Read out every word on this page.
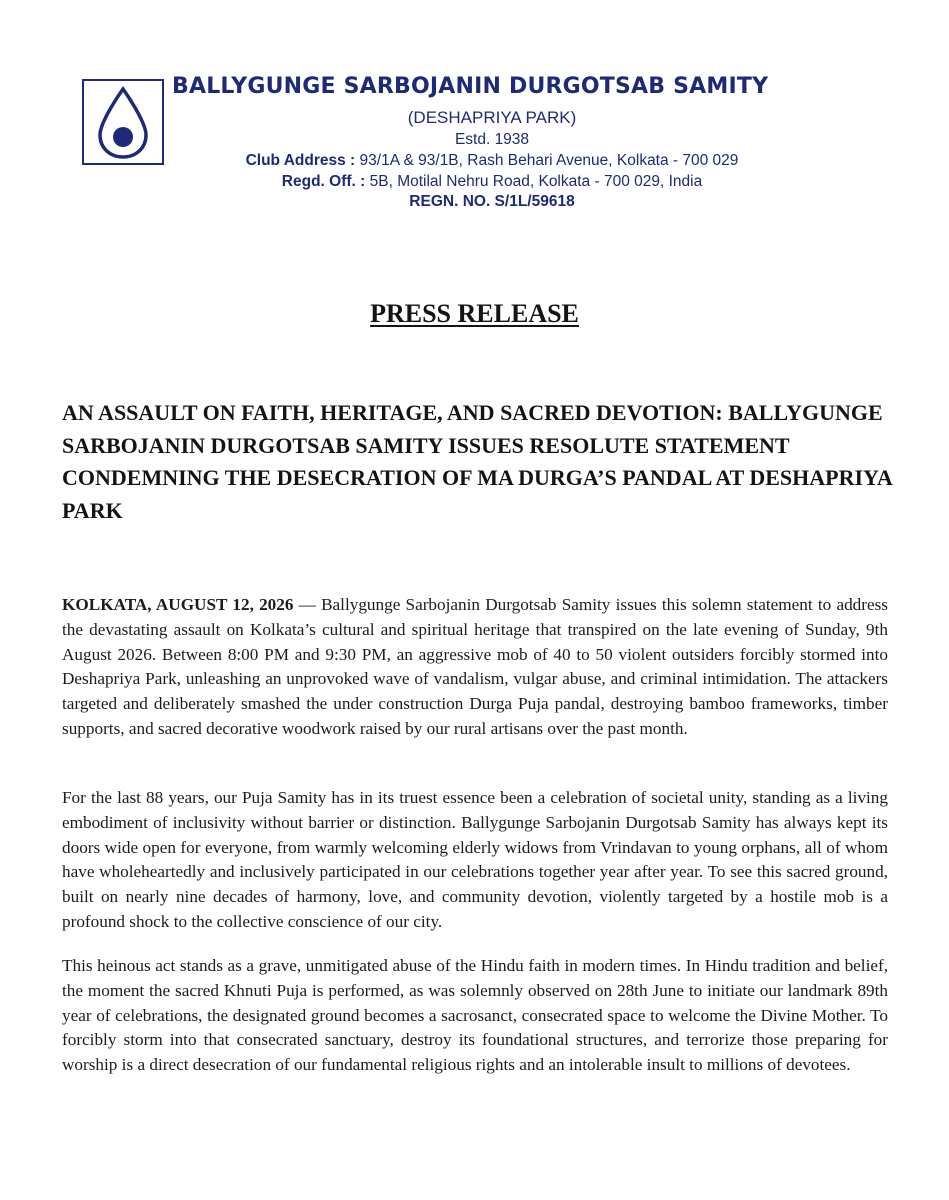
BALLYGUNGE SARBOJANIN DURGOTSAB SAMITY
(DESHAPRIYA PARK)
Estd. 1938
Club Address : 93/1A & 93/1B, Rash Behari Avenue, Kolkata - 700 029
Regd. Off. : 5B, Motilal Nehru Road, Kolkata - 700 029, India
REGN. NO. S/1L/59618
PRESS RELEASE
AN ASSAULT ON FAITH, HERITAGE, AND SACRED DEVOTION: BALLYGUNGE SARBOJANIN DURGOTSAB SAMITY ISSUES RESOLUTE STATEMENT CONDEMNING THE DESECRATION OF MA DURGA’S PANDAL AT DESHAPRIYA PARK
KOLKATA, AUGUST 12, 2026 — Ballygunge Sarbojanin Durgotsab Samity issues this solemn statement to address the devastating assault on Kolkata’s cultural and spiritual heritage that transpired on the late evening of Sunday, 9th August 2026. Between 8:00 PM and 9:30 PM, an aggressive mob of 40 to 50 violent outsiders forcibly stormed into Deshapriya Park, unleashing an unprovoked wave of vandalism, vulgar abuse, and criminal intimidation. The attackers targeted and deliberately smashed the under construction Durga Puja pandal, destroying bamboo frameworks, timber supports, and sacred decorative woodwork raised by our rural artisans over the past month.
For the last 88 years, our Puja Samity has in its truest essence been a celebration of societal unity, standing as a living embodiment of inclusivity without barrier or distinction. Ballygunge Sarbojanin Durgotsab Samity has always kept its doors wide open for everyone, from warmly welcoming elderly widows from Vrindavan to young orphans, all of whom have wholeheartedly and inclusively participated in our celebrations together year after year. To see this sacred ground, built on nearly nine decades of harmony, love, and community devotion, violently targeted by a hostile mob is a profound shock to the collective conscience of our city.
This heinous act stands as a grave, unmitigated abuse of the Hindu faith in modern times. In Hindu tradition and belief, the moment the sacred Khnuti Puja is performed, as was solemnly observed on 28th June to initiate our landmark 89th year of celebrations, the designated ground becomes a sacrosanct, consecrated space to welcome the Divine Mother. To forcibly storm into that consecrated sanctuary, destroy its foundational structures, and terrorize those preparing for worship is a direct desecration of our fundamental religious rights and an intolerable insult to millions of devotees.
